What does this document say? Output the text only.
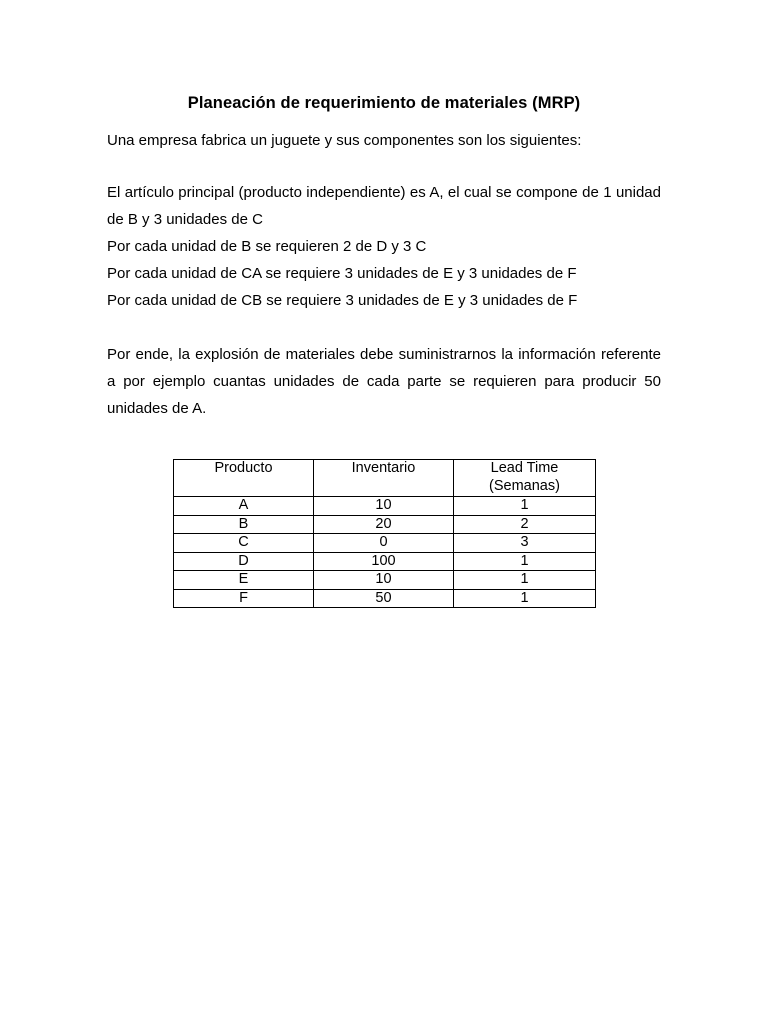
Planeación de requerimiento de materiales (MRP)

Una empresa fabrica un juguete y sus componentes son los siguientes:

El artículo principal (producto independiente) es A, el cual se compone de 1 unidad

de B y 3 unidades de C

Por cada unidad de B se requieren 2 de D y 3 C

Por cada unidad de CA se requiere 3 unidades de E y 3 unidades de F

Por cada unidad de CB se requiere 3 unidades de E y 3 unidades de F

Por ende, la explosión de materiales debe suministrarnos la información referente

a por ejemplo cuantas unidades de cada parte se requieren para producir 50

unidades de A.

Producto	Inventario	Lead Time
(Semanas)
A	10	1
B	20	2
C	0	3
D	100	1
E	10	1
F	50	1
